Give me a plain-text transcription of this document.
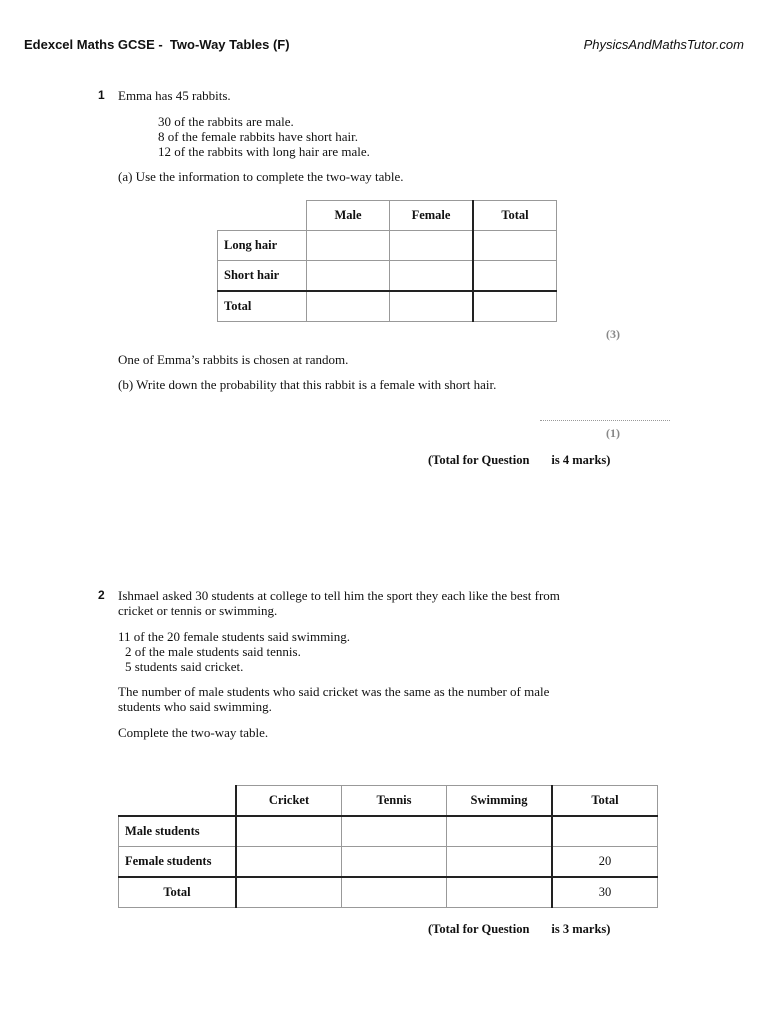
Edexcel Maths GCSE -  Two-Way Tables (F)	PhysicsAndMathsTutor.com
1 Emma has 45 rabbits.
30 of the rabbits are male.
8 of the female rabbits have short hair.
12 of the rabbits with long hair are male.
(a) Use the information to complete the two-way table.
	Male	Female	Total
Long hair			
Short hair			
Total			
(3)
One of Emma’s rabbits is chosen at random.
(b) Write down the probability that this rabbit is a female with short hair.
(1)
(Total for Question is 4 marks)
2 Ishmael asked 30 students at college to tell him the sport they each like the best from
cricket or tennis or swimming.
11 of the 20 female students said swimming.
2 of the male students said tennis.
5 students said cricket.
The number of male students who said cricket was the same as the number of male
students who said swimming.
Complete the two-way table.
	Cricket	Tennis	Swimming	Total
Male students				
Female students				20
Total				30
(Total for Question is 3 marks)
